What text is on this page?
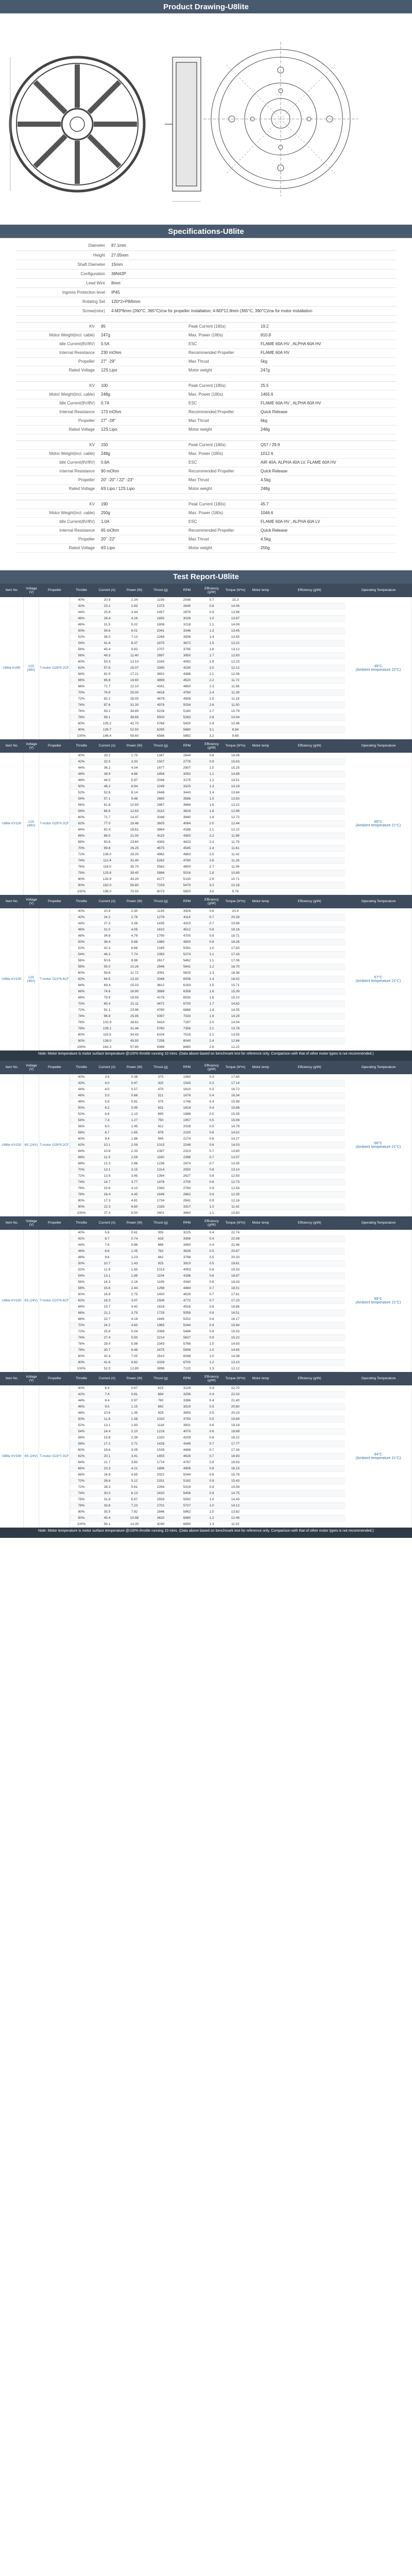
Product Drawing-U8lite
Specifications-U8lite
Diameter	87.1mm
Height	27.05mm
Shaft Diameter	15mm
Configuration	36N42P
Lead Wire	8mm
Ingress Protection level	IP45
Rotating Set	12D*2+P8/6mm
Screw(rotor)	4-M3*6mm (260°C, 365°C)/cw for propeller installation; 4-M3*12.8mm (365°C, 390°C)/cw for motor installation
KV	85	Peak Current (180s)	19.2
Motor Weight(incl. cable)	247g	Max. Power (180s)	810.8
Idle Current(8V/8V)	0.5A	ESC	FLAME 60A HV , ALPHA 60A HV
Internal Resistance	230 mOhm	Recommended Propeller	FLAME 60A HV
Propeller	27" -29"	Max Thrust	5kg
Rated Voltage	12S Lipo	Motor weight	247g
KV	100	Peak Current (180s)	25.5
Motor Weight(incl. cable)	248g	Max. Power (180s)	1465.6
Idle Current(8V/8V)	0.7A	ESC	FLAME 60A HV , ALPHA 60A HV
Internal Resistance	173 mOhm	Recommended Propeller	Quick Release
Propeller	27" -28"	Max Thrust	6kg
Rated Voltage	12S Lipo	Motor weight	248g
KV	150	Peak Current (180s)	Q57 / 29.9
Motor Weight(incl. cable)	248g	Max. Power (180s)	1012.6
Idle Current(8V/8V)	0.8A	ESC	AIR 40A, ALPHA 40A LV, FLAME 60A HV
Internal Resistance	90 mOhm	Recommended Propeller	Quick Release
Propeller	20" -20" / 22" -23"	Max Thrust	4.5kg
Rated Voltage	6S Lipo / 12S Lipo	Motor weight	248g
KV	190	Peak Current (180s)	45.7
Motor Weight(incl. cable)	250g	Max. Power (180s)	1046.6
Idle Current(8V/8V)	1.0A	ESC	FLAME 60A HV , ALPHA 60A LV
Internal Resistance	65 mOhm	Recommended Propeller	Quick Release
Propeller	20" -22"	Max Thrust	4.5kg
Rated Voltage	6S Lipo	Motor weight	250g
Test Report-U8lite
Item No.	Voltage (V)	Propeller	Throttle	Current (A)	Power (W)	Thrust (g)	RPM	Efficiency (g/W)	Torque (N*m)	Motor temp	Efficiency (g/W)	Operating Temperature
U8lite KV85	12S (48V)	T-motor G28*9.2CF
40%	20.9	2.34	1156	2548	0.7	15.3
42%	23.2	2.83	1373	2645	0.8	14.06
44%	25.8	3.44	1457	2876	0.9	13.96
46%	28.4	4.16	1650	3028	1.0	13.87
48%	31.5	5.02	1806	3218	1.1	14.08
50%	34.6	6.01	2041	3346	1.3	13.45
52%	38.0	7.13	2269	3506	1.4	13.55
54%	41.6	8.37	2470	3672	1.5	13.22
56%	45.4	9.82	2707	3795	1.6	13.12
58%	49.3	11.40	2897	3950	1.7	12.83
60%	53.4	13.10	3165	4092	1.9	12.23
62%	57.6	15.07	3390	4230	2.0	12.12
64%	62.0	17.21	3652	4386	2.1	12.06
66%	66.8	19.60	3899	4520	2.2	11.72
68%	71.7	22.10	4161	4650	2.3	11.56
70%	76.9	25.00	4418	4780	2.4	11.39
72%	82.2	28.05	4679	4908	2.5	11.18
74%	87.6	31.30	4978	5034	2.6	11.00
76%	93.2	34.85	5226	5160	2.7	10.79
78%	99.1	38.65	5500	5283	2.8	10.54
80%	105.2	42.70	5766	5400	2.9	10.46
90%	126.7	52.50	6290	5680	3.1	9.94
100%	146.4	59.60	6586	5892	3.2	9.69
49°C
(Ambient temperature 22°C)
Item No.	Voltage (V)	Propeller	Throttle	Current (A)	Power (W)	Thrust (g)	RPM	Efficiency (g/W)	Torque (N*m)	Motor temp	Efficiency (g/W)	Operating Temperature
U8lite KV100	12S (48V)	T-motor G28*9.2CF
40%	29.2	2.75	1347	2644	0.8	16.06
42%	32.5	3.33	1507	2776	0.9	15.63
44%	36.2	4.04	1677	2907	1.0	15.25
46%	39.9	4.86	1856	3053	1.1	14.89
48%	44.0	5.87	2048	3175	1.2	14.51
50%	48.2	6.94	2249	3320	1.3	14.19
52%	52.6	8.14	2448	3443	1.4	13.84
54%	57.1	9.48	2660	3566	1.5	13.50
56%	61.8	10.93	2867	3688	1.6	13.22
58%	66.6	12.63	3115	3818	1.8	12.96
60%	71.7	14.47	3348	3940	1.9	12.72
62%	77.0	16.46	3605	4064	2.0	12.44
64%	82.4	18.61	3864	4188	2.1	12.22
66%	88.0	21.00	4119	4300	2.2	11.99
68%	93.8	23.60	4393	4423	2.3	11.79
70%	99.8	26.25	4675	4545	2.4	11.61
72%	106.0	29.20	4962	4663	2.5	11.42
74%	112.4	32.40	5262	4780	2.6	11.26
76%	119.0	35.70	5562	4900	2.7	11.06
78%	125.8	39.40	5866	5016	2.8	10.89
80%	132.9	43.20	6177	5130	2.9	10.71
90%	162.0	56.80	7159	5470	3.2	10.18
100%	196.0	70.50	8073	5800	3.5	9.78
66°C
(Ambient temperature 21°C)
Item No.	Voltage (V)	Propeller	Throttle	Current (A)	Power (W)	Thrust (g)	RPM	Efficiency (g/W)	Torque (N*m)	Motor temp	Efficiency (g/W)	Operating Temperature
U8lite KV150	12S (48V)	T-motor G22*6.6CF
40%	20.9	2.30	1135	3926	0.6	20.9
42%	24.2	2.78	1278	4114	0.7	20.26
44%	27.3	3.38	1435	4310	0.7	19.68
46%	31.0	4.05	1610	4512	0.8	19.16
48%	34.8	4.79	1790	4700	0.9	18.71
50%	38.4	5.68	1980	4900	0.9	18.26
52%	42.3	6.66	2185	5091	1.0	17.83
54%	46.3	7.74	2393	5274	1.1	17.43
56%	50.6	8.96	2617	5462	1.1	17.06
58%	55.0	10.26	2846	5641	1.2	16.70
60%	59.6	11.72	3091	5825	1.3	16.36
62%	64.5	13.32	3348	6006	1.4	16.02
64%	69.4	15.03	3612	6183	1.5	15.71
66%	74.6	16.90	3888	6358	1.6	15.39
68%	79.9	18.93	4176	6530	1.6	15.10
70%	85.4	21.11	4472	6700	1.7	14.82
72%	91.1	23.46	4780	6868	1.8	14.55
74%	96.9	25.95	5097	7034	1.9	14.29
76%	102.9	28.61	5424	7197	2.0	14.04
78%	109.1	31.44	5760	7358	2.1	13.78
80%	115.5	34.43	6104	7516	2.1	13.55
90%	138.0	45.90	7258	8040	2.4	12.86
100%	162.3	57.80	8368	8480	2.6	12.22
67°C
(Ambient temperature 21°C)
Note: Motor temperature is motor surface temperature @100% throttle running 10 mins. (Data above based on benchmark test for reference only. Comparison with that of other motor types is not recommended.)
Item No.	Voltage (V)	Propeller	Throttle	Current (A)	Power (W)	Thrust (g)	RPM	Efficiency (g/W)	Torque (N*m)	Motor temp	Efficiency (g/W)	Operating Temperature
U8lite KV150 6S (24V) T-motor G28*9.2CF
40%	3.5	0.38	375	1480	0.3	17.60
42%	4.0	0.47	420	1543	0.3	17.14
44%	4.5	0.57	470	1610	0.3	16.72
46%	5.0	0.68	521	1678	0.4	16.34
48%	5.6	0.81	575	1746	0.4	15.99
50%	6.2	0.95	631	1816	0.4	15.66
52%	6.8	1.10	690	1886	0.5	15.35
54%	7.4	1.27	750	1957	0.5	15.06
56%	8.0	1.45	812	2028	0.5	14.79
58%	8.7	1.65	878	2100	0.6	14.52
60%	9.4	1.86	945	2174	0.6	14.27
62%	10.1	2.09	1015	2248	0.6	14.03
64%	10.8	2.33	1087	2323	0.7	13.80
66%	11.5	2.59	1160	2398	0.7	13.57
68%	12.3	2.86	1236	2474	0.7	13.35
70%	13.1	3.15	1314	2550	0.8	13.14
72%	13.9	3.45	1394	2627	0.8	12.93
74%	14.7	3.77	1476	2705	0.8	12.73
76%	15.6	4.10	1560	2783	0.9	12.54
78%	16.4	4.45	1646	2862	0.9	12.35
80%	17.3	4.81	1734	2941	0.9	12.16
90%	22.3	6.60	2183	3317	1.0	11.42
100%	27.3	8.50	2601	3660	1.1	10.80
66°C
(Ambient temperature 21°C)
Item No.	Voltage (V)	Propeller	Throttle	Current (A)	Power (W)	Thrust (g)	RPM	Efficiency (g/W)	Torque (N*m)	Motor temp	Efficiency (g/W)	Operating Temperature
U8lite KV190 6S (24V) T-motor G22*6.6CF
40%	5.8	0.61	555	3225	0.4	22.74
42%	6.7	0.74	618	3356	0.4	22.08
44%	7.6	0.88	688	3490	0.4	21.46
46%	8.6	1.05	763	3628	0.5	20.87
48%	9.6	1.23	842	3768	0.5	20.33
50%	10.7	1.43	925	3910	0.5	19.81
52%	11.9	1.65	1013	4053	0.6	19.33
54%	13.1	1.89	1104	4196	0.6	18.87
56%	14.3	2.16	1199	4340	0.6	18.43
58%	15.6	2.44	1298	4484	0.7	18.01
60%	16.9	2.75	1400	4628	0.7	17.61
62%	18.3	3.07	1506	4772	0.7	17.23
64%	19.7	3.42	1616	4916	0.8	16.86
66%	21.2	3.79	1729	5059	0.8	16.51
68%	22.7	4.19	1845	5202	0.8	16.17
70%	24.2	4.60	1965	5344	0.9	15.84
72%	25.8	5.04	2088	5486	0.9	15.53
74%	27.4	5.50	2214	5627	0.9	15.22
76%	29.0	5.98	2343	5768	1.0	14.93
78%	30.7	6.48	2475	5908	1.0	14.65
80%	32.4	7.00	2610	6048	1.0	14.38
90%	41.6	9.82	3328	6700	1.2	13.10
100%	52.0	12.80	3898	7120	1.3	12.12
88°C
(Ambient temperature 21°C)
Item No.	Voltage (V)	Propeller	Throttle	Current (A)	Power (W)	Thrust (g)	RPM	Efficiency (g/W)	Torque (N*m)	Motor temp	Efficiency (g/W)	Operating Temperature
U8lite KV190 6S (24V) T-motor G23*7.0CF
40%	6.4	0.67	615	3129	0.4	22.70
42%	7.4	0.81	684	3256	0.4	22.03
44%	8.4	0.97	760	3386	0.4	21.40
46%	9.5	1.15	842	3519	0.5	20.80
48%	10.6	1.35	929	3655	0.5	20.23
50%	11.8	1.58	1020	3793	0.5	19.69
52%	13.1	1.83	1116	3931	0.6	19.18
54%	14.4	2.10	1216	4070	0.6	18.69
56%	15.8	2.39	1320	4209	0.6	18.22
58%	17.2	2.71	1428	4349	0.7	17.77
60%	18.6	3.05	1539	4488	0.7	17.34
62%	20.1	3.41	1655	4628	0.7	16.93
64%	21.7	3.80	1774	4767	0.8	16.53
66%	23.3	4.21	1896	4906	0.8	16.15
68%	24.9	4.65	2022	5044	0.8	15.78
70%	26.6	5.12	2151	5182	0.9	15.43
72%	28.3	5.61	2284	5319	0.9	15.08
74%	30.0	6.13	2420	5456	0.9	14.75
76%	31.8	6.67	2559	5592	1.0	14.43
78%	33.6	7.23	2701	5727	1.0	14.12
80%	35.5	7.82	2846	5862	1.0	13.82
90%	45.4	10.98	3620	6480	1.2	12.45
100%	56.1	14.30	4240	6890	1.3	11.52
94°C
(Ambient temperature 21°C)
Note: Motor temperature is motor surface temperature @100% throttle running 10 mins. (Data above based on benchmark test for reference only. Comparison with that of other motor types is not recommended.)
